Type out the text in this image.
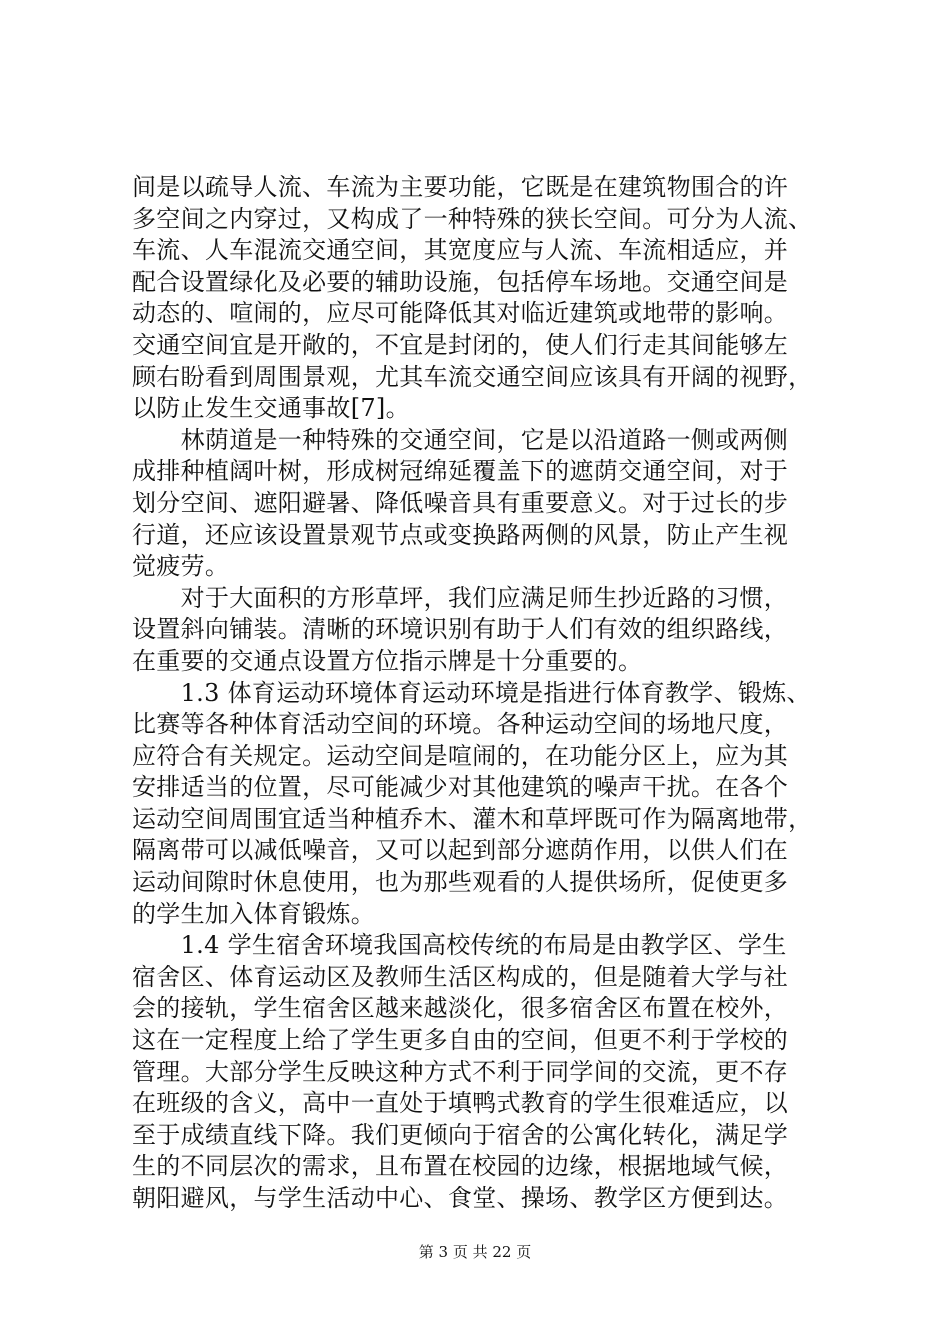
间是以疏导人流、车流为主要功能，它既是在建筑物围合的许
多空间之内穿过，又构成了一种特殊的狭长空间。可分为人流、
车流、人车混流交通空间，其宽度应与人流、车流相适应，并
配合设置绿化及必要的辅助设施，包括停车场地。交通空间是
动态的、喧闹的，应尽可能降低其对临近建筑或地带的影响。
交通空间宜是开敞的，不宜是封闭的，使人们行走其间能够左
顾右盼看到周围景观，尤其车流交通空间应该具有开阔的视野，
以防止发生交通事故[7]。
　　林荫道是一种特殊的交通空间，它是以沿道路一侧或两侧
成排种植阔叶树，形成树冠绵延覆盖下的遮荫交通空间，对于
划分空间、遮阳避暑、降低噪音具有重要意义。对于过长的步
行道，还应该设置景观节点或变换路两侧的风景，防止产生视
觉疲劳。
　　对于大面积的方形草坪，我们应满足师生抄近路的习惯，
设置斜向铺装。清晰的环境识别有助于人们有效的组织路线，
在重要的交通点设置方位指示牌是十分重要的。
　　1.3 体育运动环境体育运动环境是指进行体育教学、锻炼、
比赛等各种体育活动空间的环境。各种运动空间的场地尺度，
应符合有关规定。运动空间是喧闹的，在功能分区上，应为其
安排适当的位置，尽可能减少对其他建筑的噪声干扰。在各个
运动空间周围宜适当种植乔木、灌木和草坪既可作为隔离地带，
隔离带可以减低噪音，又可以起到部分遮荫作用，以供人们在
运动间隙时休息使用，也为那些观看的人提供场所，促使更多
的学生加入体育锻炼。
　　1.4 学生宿舍环境我国高校传统的布局是由教学区、学生
宿舍区、体育运动区及教师生活区构成的，但是随着大学与社
会的接轨，学生宿舍区越来越淡化，很多宿舍区布置在校外，
这在一定程度上给了学生更多自由的空间，但更不利于学校的
管理。大部分学生反映这种方式不利于同学间的交流，更不存
在班级的含义，高中一直处于填鸭式教育的学生很难适应，以
至于成绩直线下降。我们更倾向于宿舍的公寓化转化，满足学
生的不同层次的需求，且布置在校园的边缘，根据地域气候，
朝阳避风，与学生活动中心、食堂、操场、教学区方便到达。
第 3 页 共 22 页
